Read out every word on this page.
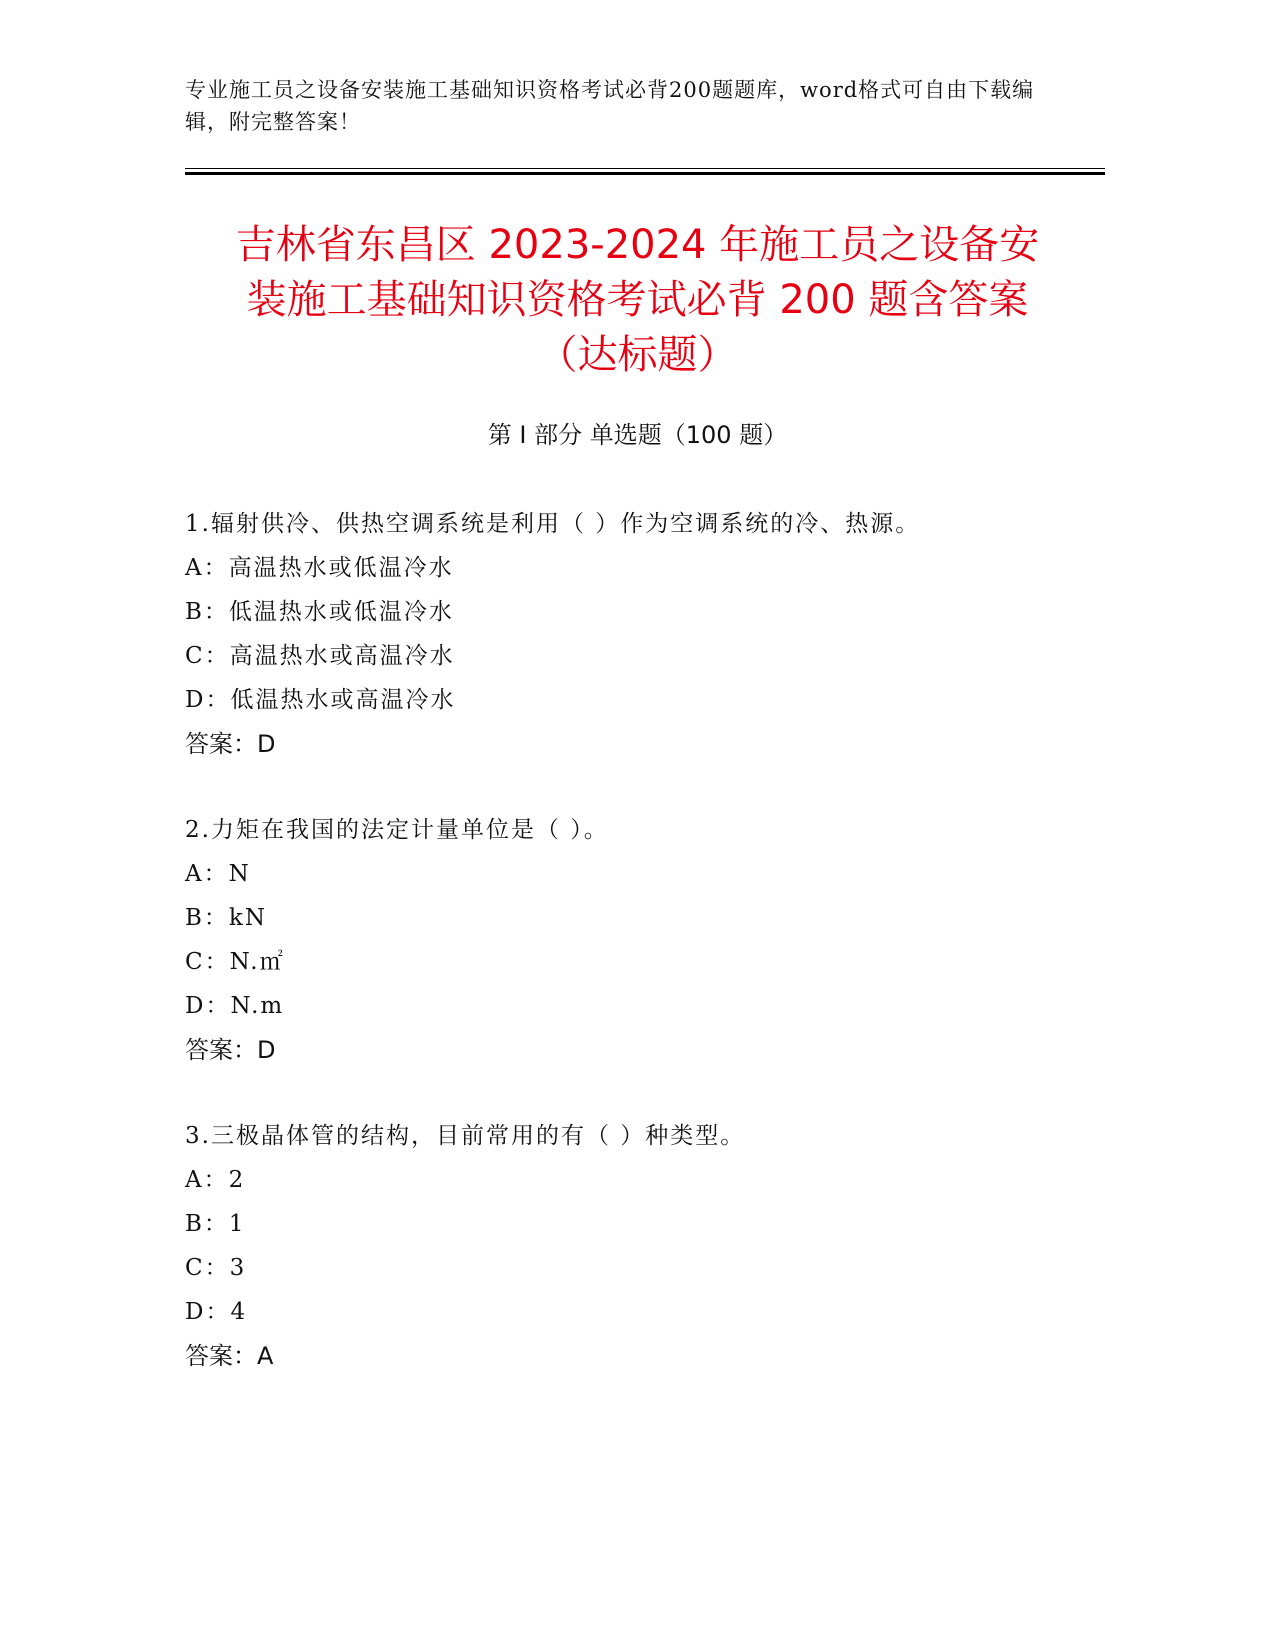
专业施工员之设备安装施工基础知识资格考试必背200题题库，word格式可自由下载编辑，附完整答案！

吉林省东昌区 2023-2024 年施工员之设备安
装施工基础知识资格考试必背 200 题含答案
（达标题）
第 I 部分 单选题（100 题）
1.辐射供冷、供热空调系统是利用（ ）作为空调系统的冷、热源。
A：高温热水或低温冷水
B：低温热水或低温冷水
C：高温热水或高温冷水
D：低温热水或高温冷水
答案：D
2.力矩在我国的法定计量单位是（ ）。
A：N
B：kN
C：N.㎡
D：N.m
答案：D
3.三极晶体管的结构，目前常用的有（ ）种类型。
A：2
B：1
C：3
D：4
答案：A
